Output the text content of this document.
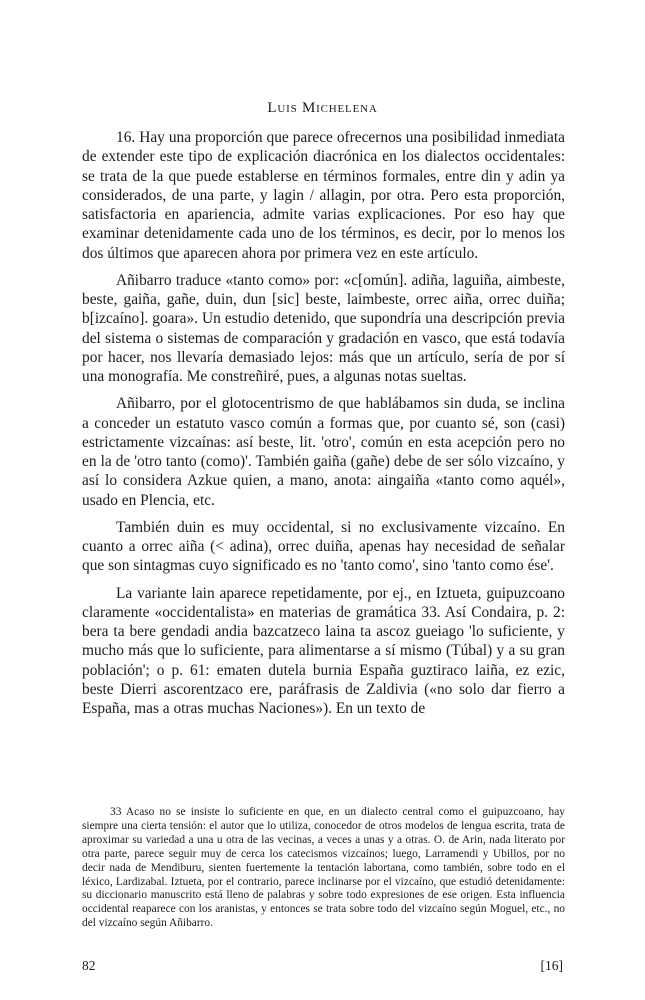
Luis Michelena

16. Hay una proporción que parece ofrecernos una posibilidad inmediata de extender este tipo de explicación diacrónica en los dialectos occidentales: se trata de la que puede establerse en términos formales, entre din y adin ya considerados, de una parte, y lagin / allagin, por otra. Pero esta proporción, satisfactoria en apariencia, admite varias explicaciones. Por eso hay que examinar detenidamente cada uno de los términos, es decir, por lo menos los dos últimos que aparecen ahora por primera vez en este artículo.

Añibarro traduce «tanto como» por: «c[omún]. adiña, laguiña, aimbeste, beste, gaiña, gañe, duin, dun [sic] beste, laimbeste, orrec aiña, orrec duiña; b[izcaíno]. goara». Un estudio detenido, que supondría una descripción previa del sistema o sistemas de comparación y gradación en vasco, que está todavía por hacer, nos llevaría demasiado lejos: más que un artículo, sería de por sí una monografía. Me constreñiré, pues, a algunas notas sueltas.

Añibarro, por el glotocentrismo de que hablábamos sin duda, se inclina a conceder un estatuto vasco común a formas que, por cuanto sé, son (casi) estrictamente vizcaínas: así beste, lit. 'otro', común en esta acepción pero no en la de 'otro tanto (como)'. También gaiña (gañe) debe de ser sólo vizcaíno, y así lo considera Azkue quien, a mano, anota: aingaiña «tanto como aquél», usado en Plencia, etc.

También duin es muy occidental, si no exclusivamente vizcaíno. En cuanto a orrec aiña (< adina), orrec duiña, apenas hay necesidad de señalar que son sintagmas cuyo significado es no 'tanto como', sino 'tanto como ése'.

La variante lain aparece repetidamente, por ej., en Iztueta, guipuzcoano claramente «occidentalista» en materias de gramática 33. Así Condaira, p. 2: bera ta bere gendadi andia bazcatzeco laina ta ascoz gueiago 'lo suficiente, y mucho más que lo suficiente, para alimentarse a sí mismo (Túbal) y a su gran población'; o p. 61: ematen dutela burnia España guztiraco laiña, ez ezic, beste Dierri ascorentzaco ere, paráfrasis de Zaldivia («no solo dar fierro a España, mas a otras muchas Naciones»). En un texto de

33 Acaso no se insiste lo suficiente en que, en un dialecto central como el guipuzcoano, hay siempre una cierta tensión: el autor que lo utiliza, conocedor de otros modelos de lengua escrita, trata de aproximar su variedad a una u otra de las vecinas, a veces a unas y a otras. O. de Arin, nada literato por otra parte, parece seguir muy de cerca los catecismos vizcaínos; luego, Larramendi y Ubillos, por no decir nada de Mendiburu, sienten fuertemente la tentación labortana, como también, sobre todo en el léxico, Lardizabal. Iztueta, por el contrario, parece inclinarse por el vizcaíno, que estudió detenidamente: su diccionario manuscrito está lleno de palabras y sobre todo expresiones de ese origen. Esta influencia occidental reaparece con los aranistas, y entonces se trata sobre todo del vizcaíno según Moguel, etc., no del vizcaíno según Añibarro.

82	[16]
